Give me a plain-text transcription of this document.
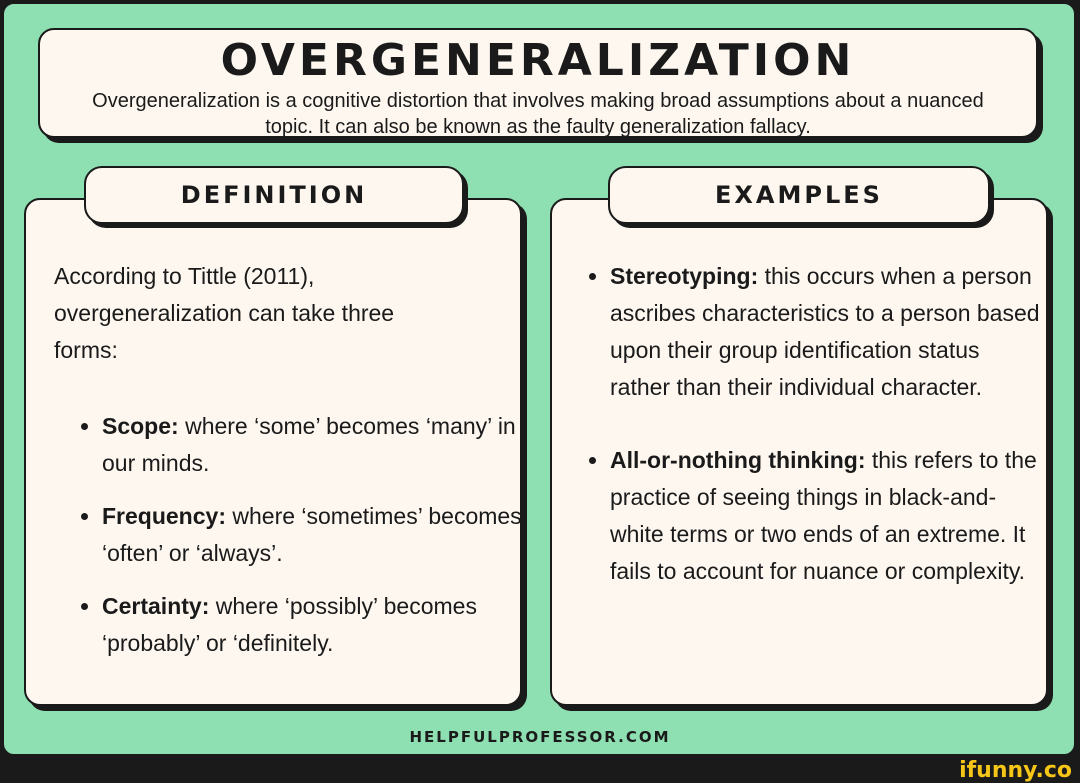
OVERGENERALIZATION
Overgeneralization is a cognitive distortion that involves making broad assumptions about a nuanced topic. It can also be known as the faulty generalization fallacy.
According to Tittle (2011), overgeneralization can take three forms:
• Scope: where ‘some’ becomes ‘many’ in our minds.
• Frequency: where ‘sometimes’ becomes ‘often’ or ‘always’.
• Certainty: where ‘possibly’ becomes ‘probably’ or ‘definitely.
DEFINITION
• Stereotyping: this occurs when a person ascribes characteristics to a person based upon their group identification status rather than their individual character.
• All-or-nothing thinking: this refers to the practice of seeing things in black-and-white terms or two ends of an extreme. It fails to account for nuance or complexity.
EXAMPLES
HELPFULPROFESSOR.COM
ifunny.co
